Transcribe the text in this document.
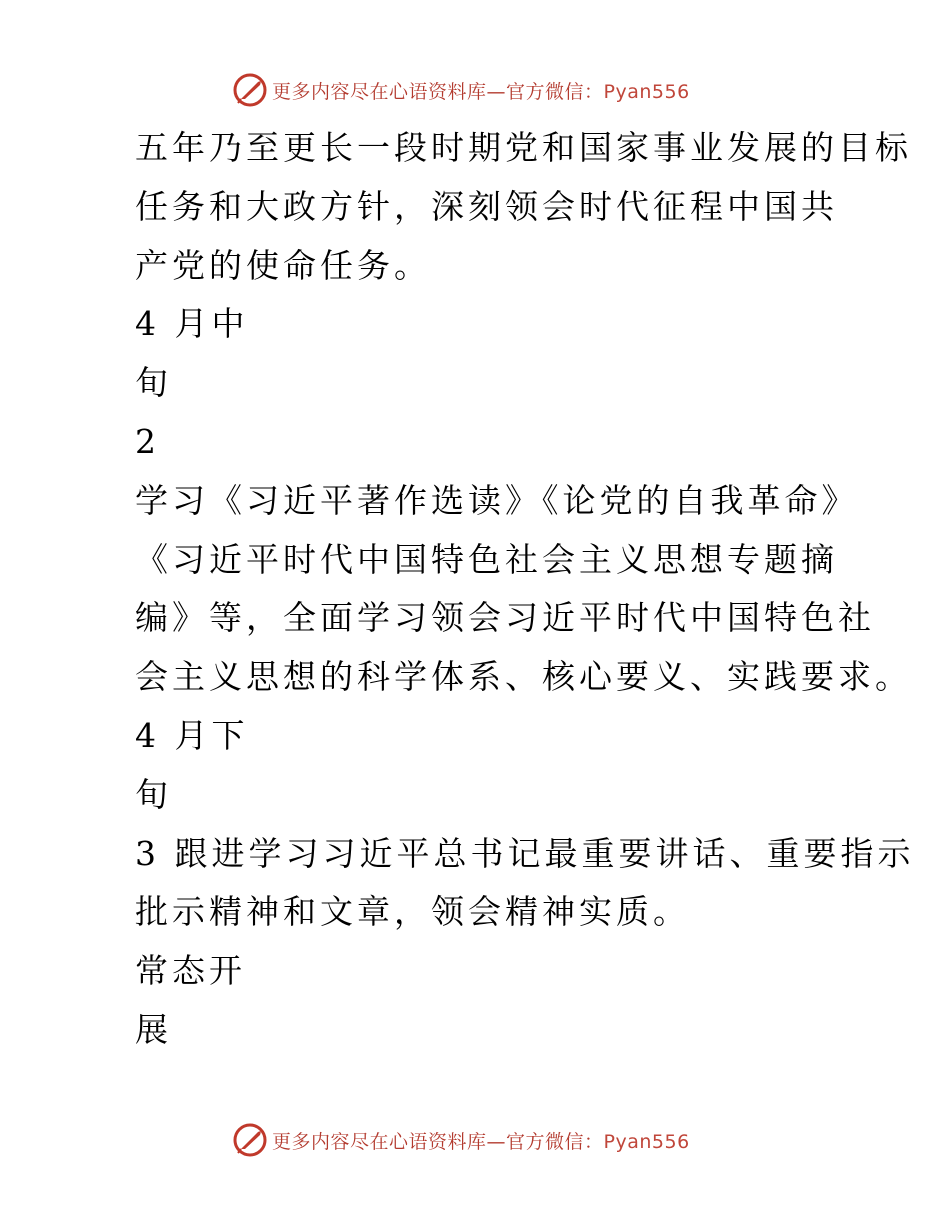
更多内容尽在心语资料库—官方微信：Pyan556
五年乃至更长一段时期党和国家事业发展的目标
任务和大政方针，深刻领会时代征程中国共
产党的使命任务。
4 月中
旬
2
学习《习近平著作选读》《论党的自我革命》
《习近平时代中国特色社会主义思想专题摘
编》等，全面学习领会习近平时代中国特色社
会主义思想的科学体系、核心要义、实践要求。
4 月下
旬
3 跟进学习习近平总书记最重要讲话、重要指示
批示精神和文章，领会精神实质。
常态开
展
更多内容尽在心语资料库—官方微信：Pyan556
